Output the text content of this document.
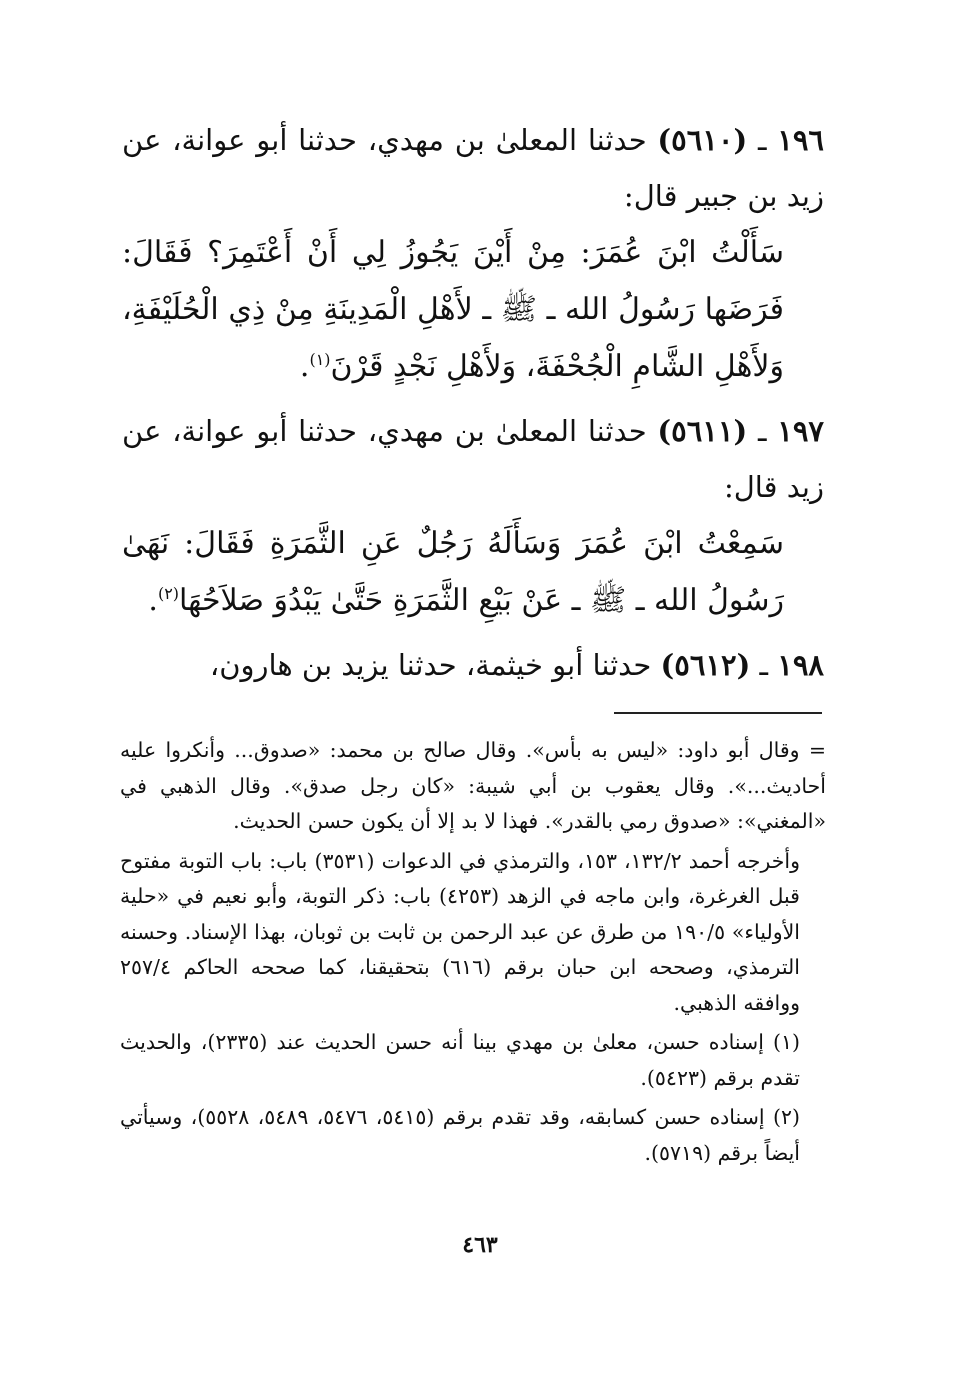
١٩٦ ـ (٥٦١٠) حدثنا المعلىٰ بن مهدي، حدثنا أبو عوانة، عن زيد بن جبير قال:

سَأَلْتُ ابْنَ عُمَرَ: مِنْ أَيْنَ يَجُوزُ لِي أَنْ أَعْتَمِرَ؟ فَقَالَ: فَرَضَها رَسُولُ الله ـ ﷺ ـ لأَهْلِ الْمَدِينَةِ مِنْ ذِي الْحُلَيْفَةِ، وَلأَهْلِ الشَّامِ الْجُحْفَةَ، وَلأَهْلِ نَجْدٍ قَرْنَ$^{(١)}$.

١٩٧ ـ (٥٦١١) حدثنا المعلىٰ بن مهدي، حدثنا أبو عوانة، عن زيد قال:

سَمِعْتُ ابْنَ عُمَرَ وَسَأَلَهُ رَجُلٌ عَنِ الثَّمَرَةِ فَقَالَ: نَهَىٰ رَسُولُ الله ـ ﷺ ـ عَنْ بَيْعِ الثَّمَرَةِ حَتَّىٰ يَبْدُوَ صَلاَحُهَا$^{(٢)}$.

١٩٨ ـ (٥٦١٢) حدثنا أبو خيثمة، حدثنا يزيد بن هارون،

= وقال أبو داود: «ليس به بأس». وقال صالح بن محمد: «صدوق... وأنكروا عليه أحاديث...». وقال يعقوب بن أبي شيبة: «كان رجل صدق». وقال الذهبي في «المغني»: «صدوق رمي بالقدر». فهذا لا بد إلا أن يكون حسن الحديث.

وأخرجه أحمد ١٣٢/٢، ١٥٣، والترمذي في الدعوات (٣٥٣١) باب: باب التوبة مفتوح قبل الغرغرة، وابن ماجه في الزهد (٤٢٥٣) باب: ذكر التوبة، وأبو نعيم في «حلية الأولياء» ١٩٠/٥ من طرق عن عبد الرحمن بن ثابت بن ثوبان، بهذا الإسناد. وحسنه الترمذي، وصححه ابن حبان برقم (٦١٦) بتحقيقنا، كما صححه الحاكم ٢٥٧/٤ ووافقه الذهبي.

(١) إسناده حسن، معلىٰ بن مهدي بينا أنه حسن الحديث عند (٢٣٣٥)، والحديث تقدم برقم (٥٤٢٣).

(٢) إسناده حسن كسابقه، وقد تقدم برقم (٥٤١٥، ٥٤٧٦، ٥٤٨٩، ٥٥٢٨)، وسيأتي أيضاً برقم (٥٧١٩).

٤٦٣
